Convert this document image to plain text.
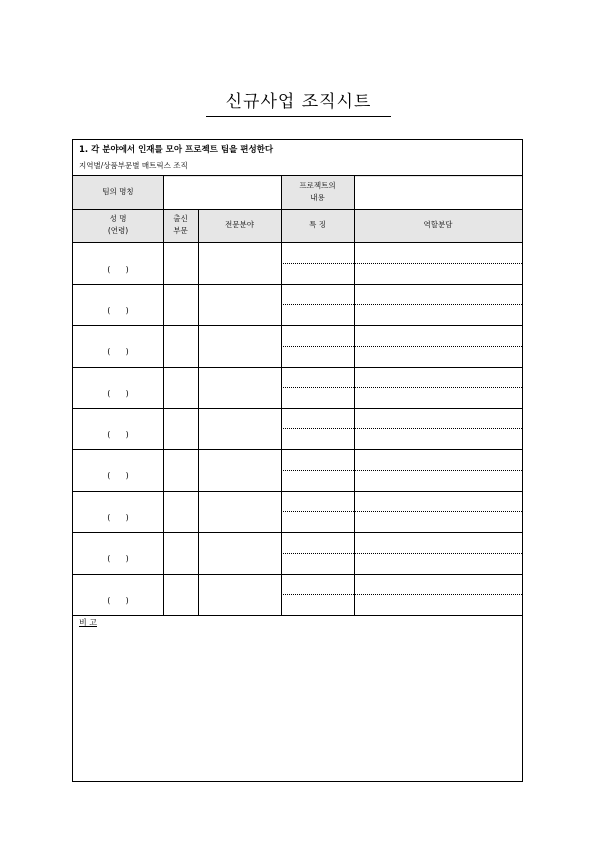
신규사업 조직시트
1. 각 분야에서 인재를 모아 프로젝트 팀을 편성한다
지역별/상품부문별 매트릭스 조직
팀의 명칭
프로젝트의
내용
성 명
(연령)
출신
부문
전문분야	특 징	역할분담
(      )
(      )
(      )
(      )
(      )
(      )
(      )
(      )
(      )
비 고
